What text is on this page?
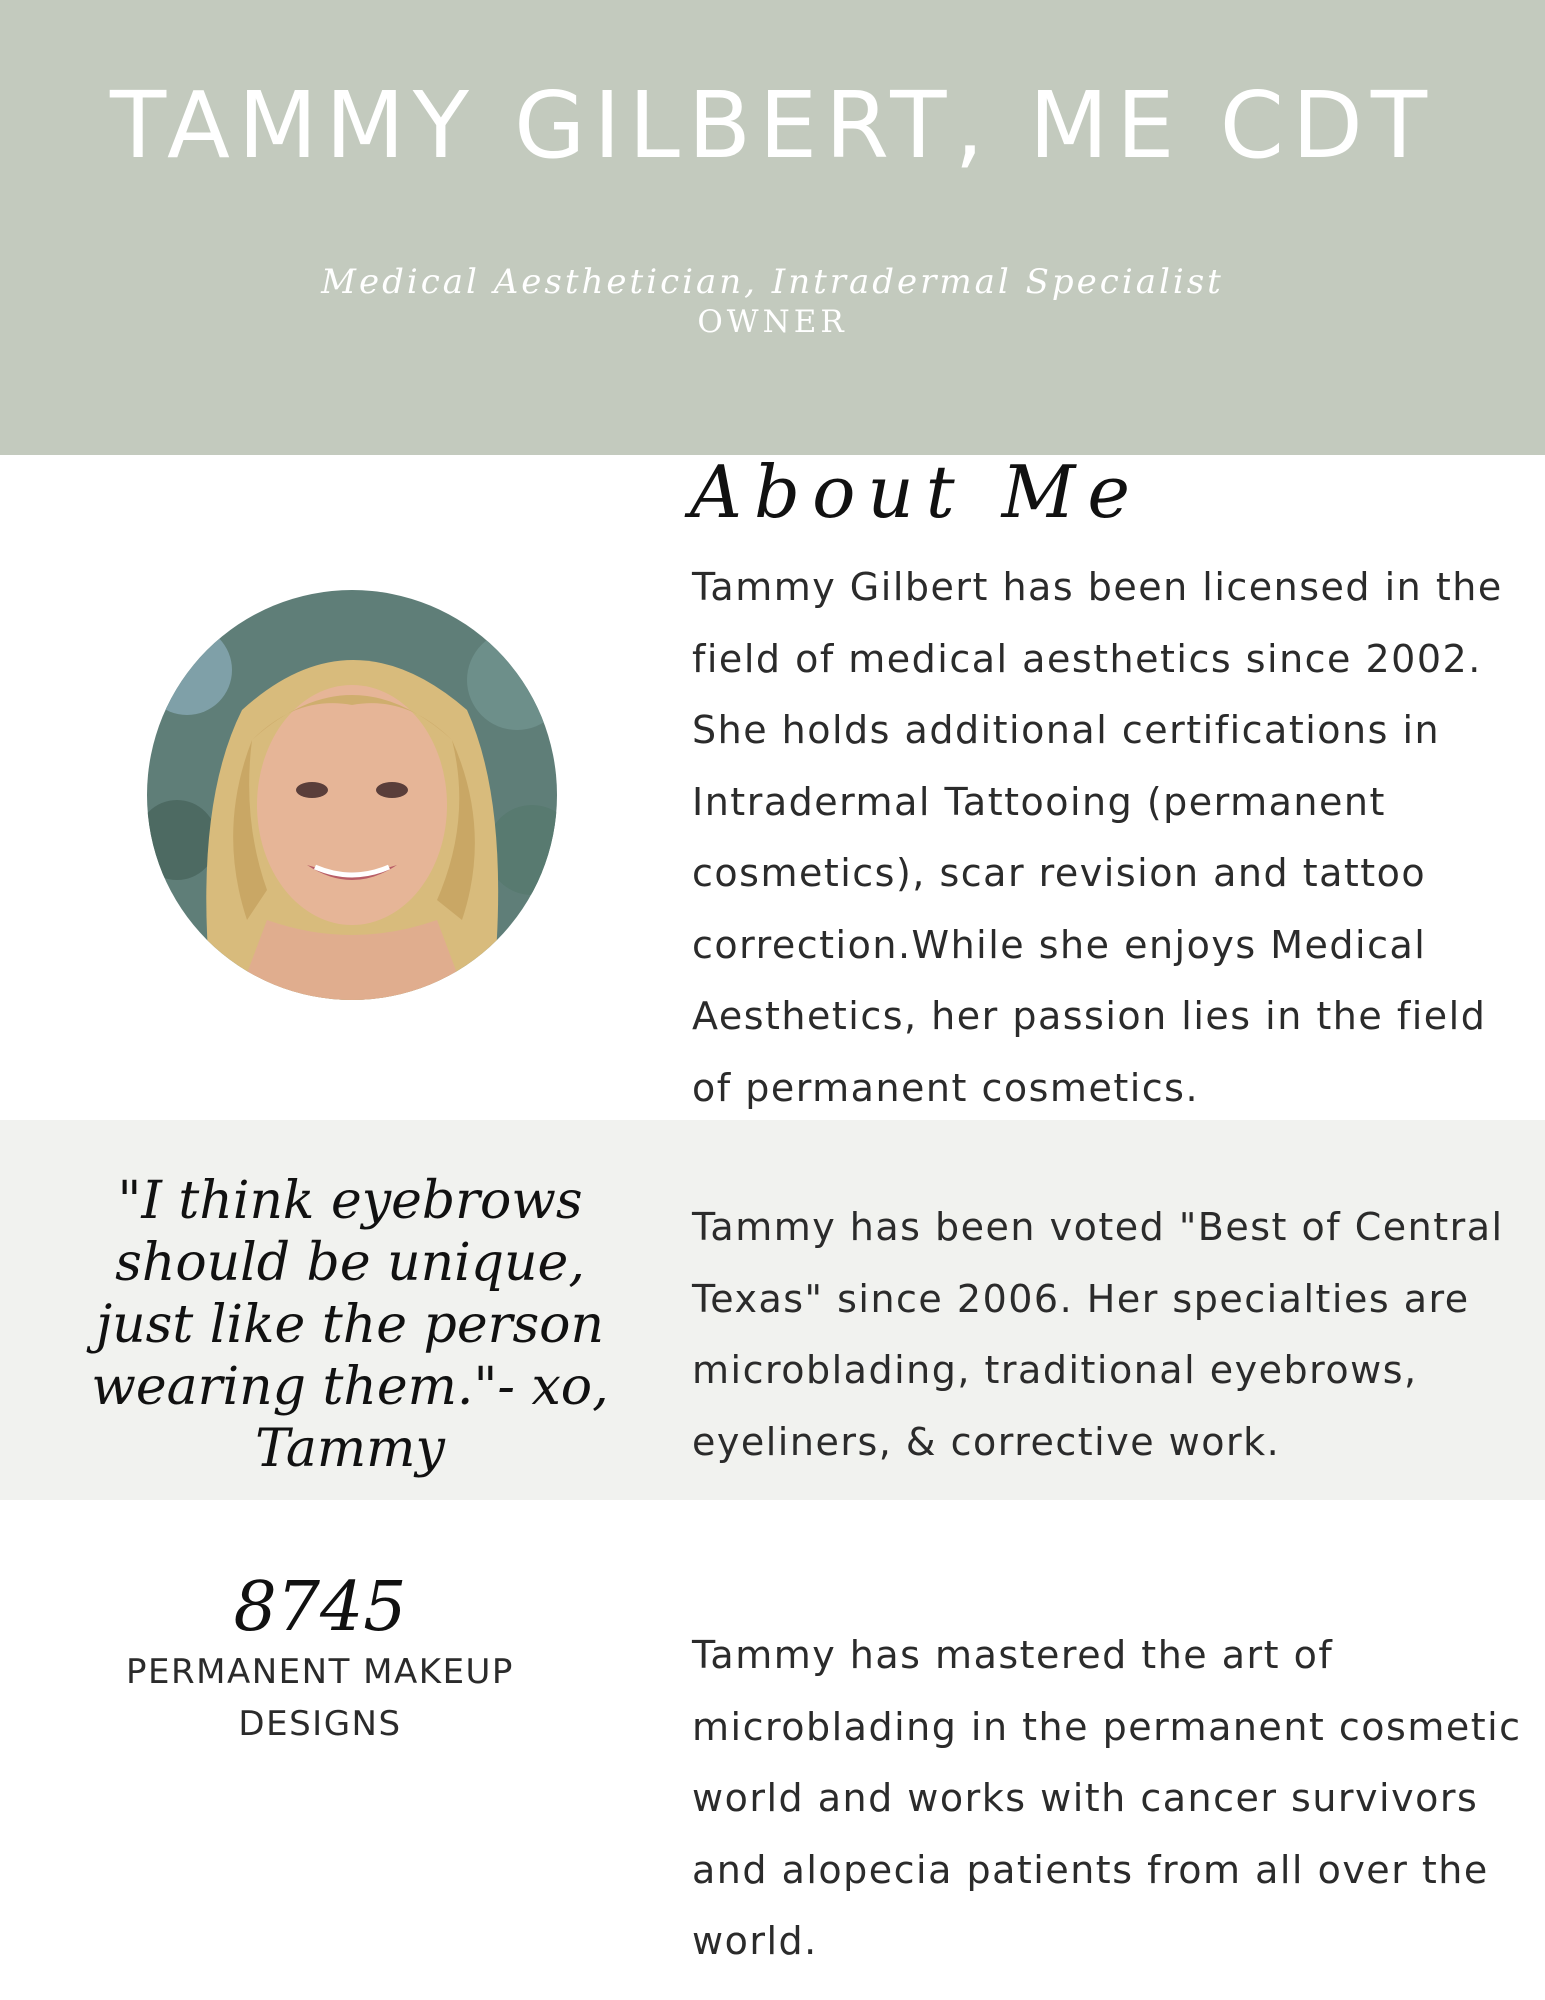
TAMMY GILBERT, ME CDT
Medical Aesthetician, Intradermal Specialist
OWNER
About Me
Tammy Gilbert has been licensed in the field of medical aesthetics since 2002. She holds additional certifications in Intradermal Tattooing (permanent cosmetics), scar revision and tattoo correction.While she enjoys Medical Aesthetics, her passion lies in the field of permanent cosmetics.
"I think eyebrows should be unique, just like the person wearing them."- xo, Tammy
Tammy has been voted "Best of Central Texas" since 2006. Her specialties are microblading, traditional eyebrows, eyeliners, & corrective work.
8745
PERMANENT MAKEUP DESIGNS
Tammy has mastered the art of microblading in the permanent cosmetic world and works with cancer survivors and alopecia patients from all over the world.
